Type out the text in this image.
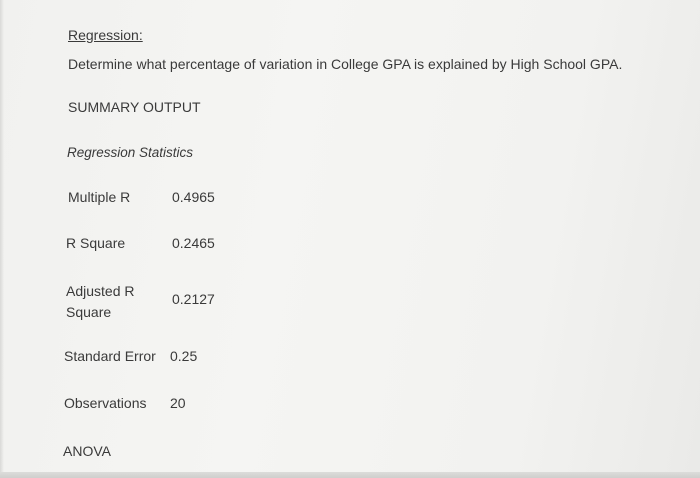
Regression:
Determine what percentage of variation in College GPA is explained by High School GPA.
SUMMARY OUTPUT
Regression Statistics
Multiple R	0.4965
R Square	0.2465
Adjusted R Square
0.2127
Standard Error 0.25
Observations 20
ANOVA
